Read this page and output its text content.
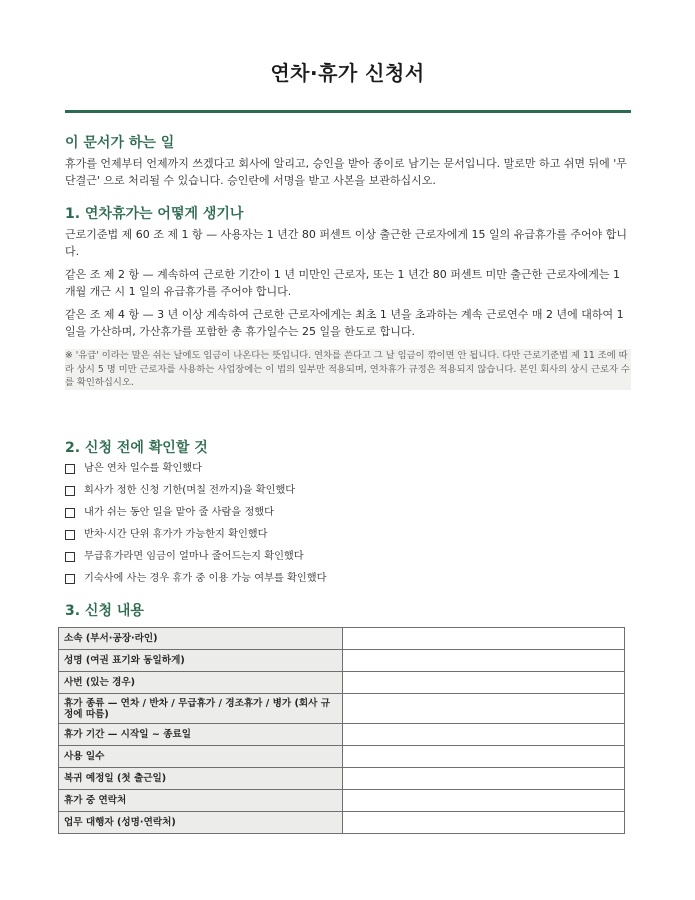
연차·휴가 신청서
이 문서가 하는 일

휴가를 언제부터 언제까지 쓰겠다고 회사에 알리고, 승인을 받아 종이로 남기는 문서입니다. 말로만 하고 쉬면 뒤에 '무단결근' 으로 처리될 수 있습니다. 승인란에 서명을 받고 사본을 보관하십시오.

1. 연차휴가는 어떻게 생기나

근로기준법 제 60 조 제 1 항 — 사용자는 1 년간 80 퍼센트 이상 출근한 근로자에게 15 일의 유급휴가를 주어야 합니다.

같은 조 제 2 항 — 계속하여 근로한 기간이 1 년 미만인 근로자, 또는 1 년간 80 퍼센트 미만 출근한 근로자에게는 1 개월 개근 시 1 일의 유급휴가를 주어야 합니다.

같은 조 제 4 항 — 3 년 이상 계속하여 근로한 근로자에게는 최초 1 년을 초과하는 계속 근로연수 매 2 년에 대하여 1 일을 가산하며, 가산휴가를 포함한 총 휴가일수는 25 일을 한도로 합니다.

※ '유급' 이라는 말은 쉬는 날에도 임금이 나온다는 뜻입니다. 연차를 쓴다고 그 날 임금이 깎이면 안 됩니다. 다만 근로기준법 제 11 조에 따라 상시 5 명 미만 근로자를 사용하는 사업장에는 이 법의 일부만 적용되며, 연차휴가 규정은 적용되지 않습니다. 본인 회사의 상시 근로자 수를 확인하십시오.

2. 신청 전에 확인할 것
남은 연차 일수를 확인했다
회사가 정한 신청 기한(며칠 전까지)을 확인했다
내가 쉬는 동안 일을 맡아 줄 사람을 정했다
반차·시간 단위 휴가가 가능한지 확인했다
무급휴가라면 임금이 얼마나 줄어드는지 확인했다
기숙사에 사는 경우 휴가 중 이용 가능 여부를 확인했다
3. 신청 내용
소속 (부서·공장·라인)	
성명 (여권 표기와 동일하게)	
사번 (있는 경우)	
휴가 종류 — 연차 / 반차 / 무급휴가 / 경조휴가 / 병가 (회사 규정에 따름)	
휴가 기간 — 시작일 ~ 종료일	
사용 일수	
복귀 예정일 (첫 출근일)	
휴가 중 연락처	
업무 대행자 (성명·연락처)	
